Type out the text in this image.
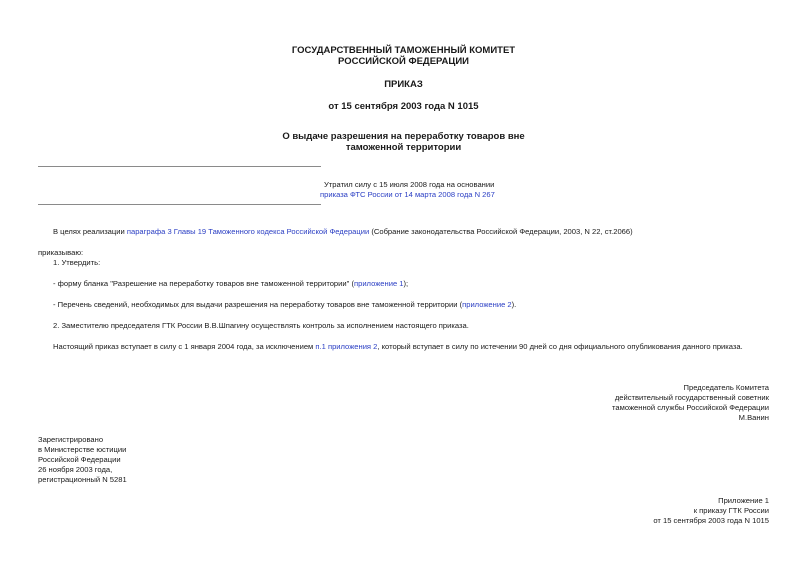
ГОСУДАРСТВЕННЫЙ ТАМОЖЕННЫЙ КОМИТЕТ
РОССИЙСКОЙ ФЕДЕРАЦИИ
ПРИКАЗ
от 15 сентября 2003 года N 1015
О выдаче разрешения на переработку товаров вне
таможенной территории
Утратил силу с 15 июля 2008 года на основании
приказа ФТС России от 14 марта 2008 года N 267
В целях реализации параграфа 3 Главы 19 Таможенного кодекса Российской Федерации (Собрание законодательства Российской Федерации, 2003, N 22, ст.2066)
приказываю:
1. Утвердить:
- форму бланка "Разрешение на переработку товаров вне таможенной территории" (приложение 1);
- Перечень сведений, необходимых для выдачи разрешения на переработку товаров вне таможенной территории (приложение 2).
2. Заместителю председателя ГТК России В.В.Шпагину осуществлять контроль за исполнением настоящего приказа.
Настоящий приказ вступает в силу с 1 января 2004 года, за исключением п.1 приложения 2, который вступает в силу по истечении 90 дней со дня официального опубликования данного приказа.
Председатель Комитета
действительный государственный советник
таможенной службы Российской Федерации
М.Ванин
Зарегистрировано
в Министерстве юстиции
Российской Федерации
26 ноября 2003 года,
регистрационный N 5281
Приложение 1
к приказу ГТК России
от 15 сентября 2003 года N 1015
